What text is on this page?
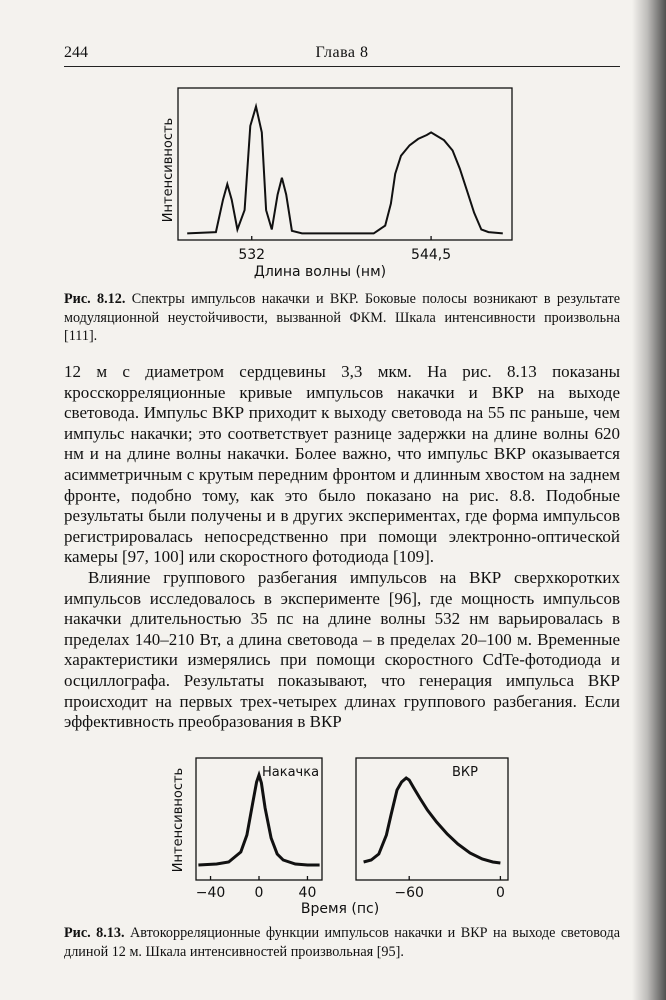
244	Глава 8
532	544,5
Длина волны (нм)
Интенсивность
−40 0	40
Накачка
Интенсивность
−60	0
ВКР
Время (пс)
Рис. 8.12. Спектры импульсов накачки и ВКР. Боковые полосы возникают в результате модуляционной неустойчивости, вызванной ФКМ. Шкала интенсивности произвольна [111].

12 м с диаметром сердцевины 3,3 мкм. На рис. 8.13 показаны кросскорреляционные кривые импульсов накачки и ВКР на выходе световода. Импульс ВКР приходит к выходу световода на 55 пс раньше, чем импульс накачки; это соответствует разнице задержки на длине волны 620 нм и на длине волны накачки. Более важно, что импульс ВКР оказывается асимметричным с крутым передним фронтом и длинным хвостом на заднем фронте, подобно тому, как это было показано на рис. 8.8. Подобные результаты были получены и в других экспериментах, где форма импульсов регистрировалась непосредственно при помощи электронно-оптической камеры [97, 100] или скоростного фотодиода [109].

Влияние группового разбегания импульсов на ВКР сверхкоротких импульсов исследовалось в эксперименте [96], где мощность импульсов накачки длительностью 35 пс на длине волны 532 нм варьировалась в пределах 140–210 Вт, а длина световода – в пределах 20–100 м. Временные характеристики измерялись при помощи скоростного CdTe-фотодиода и осциллографа. Результаты показывают, что генерация импульса ВКР происходит на первых трех-четырех длинах группового разбегания. Если эффективность преобразования в ВКР

Рис. 8.13. Автокорреляционные функции импульсов накачки и ВКР на выходе световода длиной 12 м. Шкала интенсивностей произвольная [95].
